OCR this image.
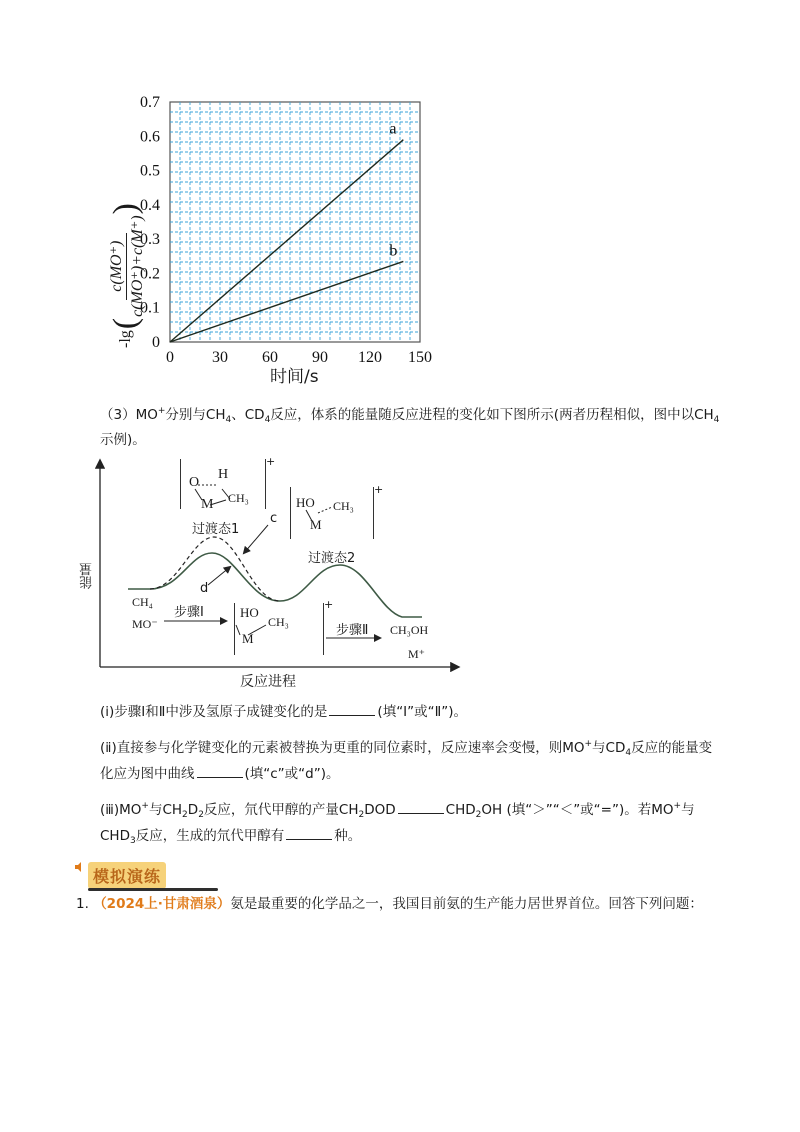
0 30 60 90 120 150
0
0.1
0.2
0.3
0.4
0.5
0.6
0.7
a
b
-lg
(
c(MO⁺) c(MO⁺)+c(M⁺)
)
时间/s
（3）MO+分别与$CH_4$、$CD_4$反应，体系的能量随反应进程的变化如下图所示(两者历程相似，图中以$CH_4$
示例)。
O
H
M CH₃
+
过渡态1
HO
M
CH₃
+
过渡态2
c
d
CH₄
MO⁻
步骤Ⅰ	HO
M
CH₃
+
步骤Ⅱ CH₃OH
M⁺
能量
反应进程
(ⅰ)步骤Ⅰ和Ⅱ中涉及氢原子成键变化的是	(填“Ⅰ”或“Ⅱ”)。
(ⅱ)直接参与化学键变化的元素被替换为更重的同位素时，反应速率会变慢，则MO+与$CD_4$反应的能量变
化应为图中曲线	(填“c”或“d”)。
(ⅲ)MO+与$CH_2D_2$反应，氘代甲醇的产量$CH_2DOD$	$CHD_2OH$ (填“＞”“＜”或“=”)。若MO+与
$CHD_3$反应，生成的氘代甲醇有	种。
模拟演练
1. （2024上·甘肃酒泉）氨是最重要的化学品之一，我国目前氨的生产能力居世界首位。回答下列问题：
